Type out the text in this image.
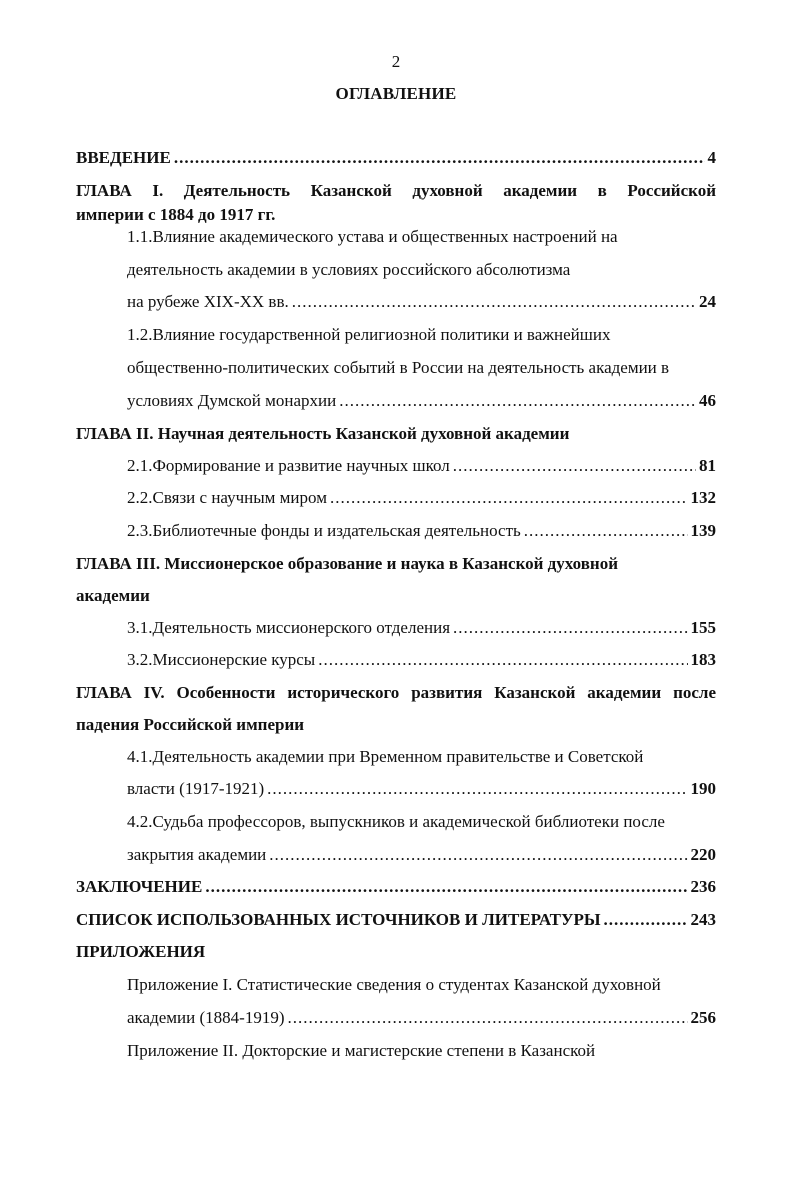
2
ОГЛАВЛЕНИЕ
ВВЕДЕНИЕ .....	4
ГЛАВА I. Деятельность Казанской духовной академии в Российской
империи с 1884 до 1917 гг.
1.1.Влияние академического устава и общественных настроений на
деятельность академии в условиях российского абсолютизма
на рубеже XIX-XX вв. .....	24
1.2.Влияние государственной религиозной политики и важнейших
общественно-политических событий в России на деятельность академии в
условиях Думской монархии .....	46
ГЛАВА II. Научная деятельность Казанской духовной академии
2.1.Формирование и развитие научных школ .....	81
2.2.Связи с научным миром .....	132
2.3.Библиотечные фонды и издательская деятельность .....	139
ГЛАВА III. Миссионерское образование и наука в Казанской духовной
академии
3.1.Деятельность миссионерского отделения .....	155
3.2.Миссионерские курсы .....	183
ГЛАВА IV. Особенности исторического развития Казанской академии после
падения Российской империи
4.1.Деятельность академии при Временном правительстве и Советской
власти (1917-1921) .....	190
4.2.Судьба профессоров, выпускников и академической библиотеки после
закрытия академии .....	220
ЗАКЛЮЧЕНИЕ .....	236
СПИСОК ИСПОЛЬЗОВАННЫХ ИСТОЧНИКОВ И ЛИТЕРАТУРЫ .....	243
ПРИЛОЖЕНИЯ
Приложение I. Статистические сведения о студентах Казанской духовной
академии (1884-1919) .....	256
Приложение II. Докторские и магистерские степени в Казанской
